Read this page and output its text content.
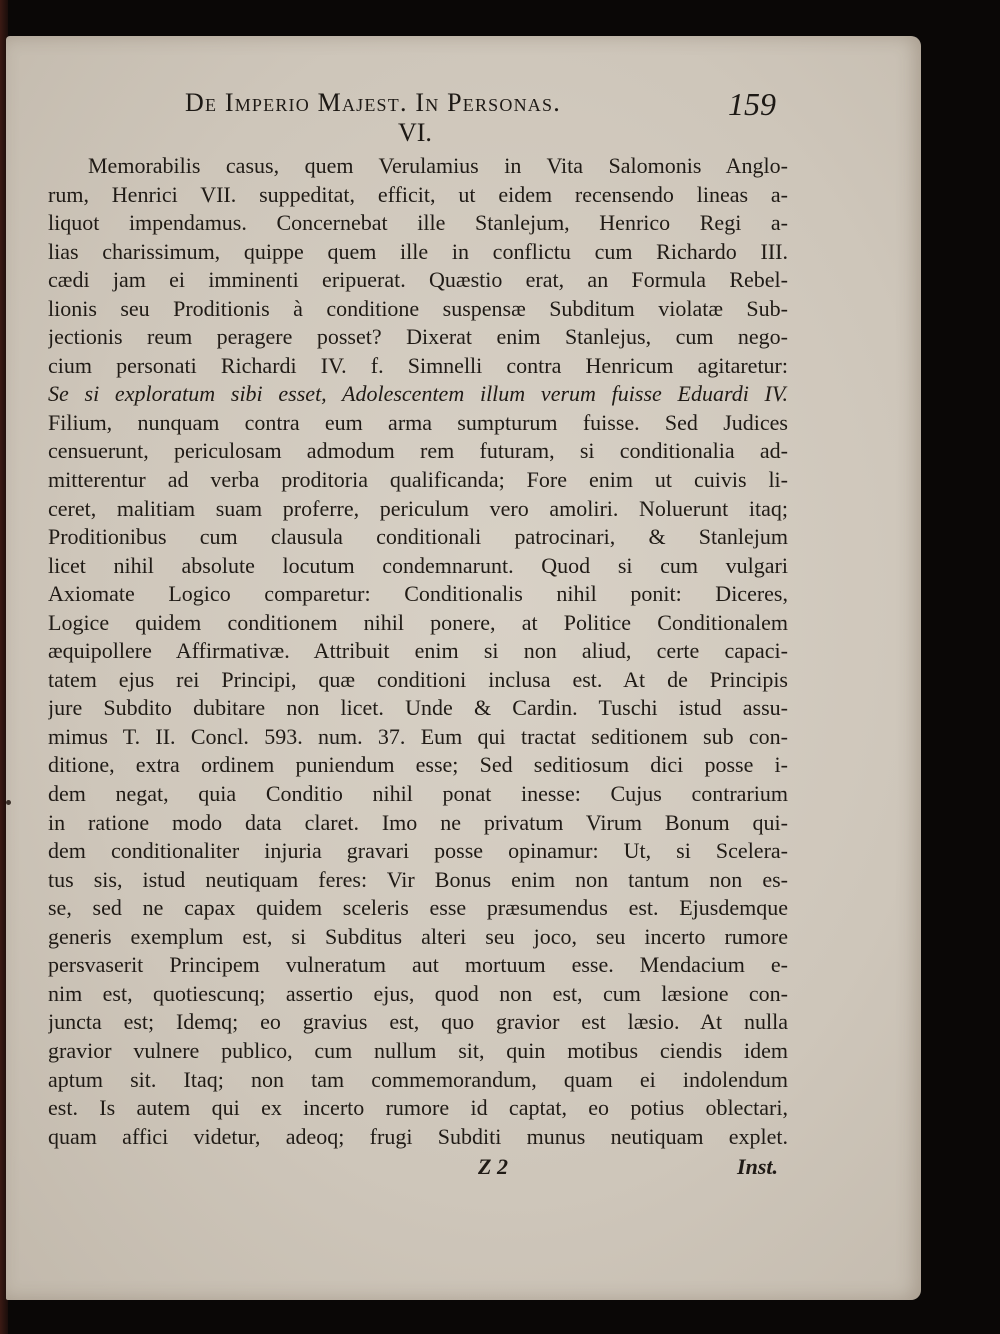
De Imperio Majest. In Personas.	159
VI.
Memorabilis casus, quem Verulamius in Vita Salomonis Anglo-
rum, Henrici VII. suppeditat, efficit, ut eidem recensendo lineas a-
liquot impendamus. Concernebat ille Stanlejum, Henrico Regi a-
lias charissimum, quippe quem ille in conflictu cum Richardo III.
cædi jam ei imminenti eripuerat. Quæstio erat, an Formula Rebel-
lionis seu Proditionis à conditione suspensæ Subditum violatæ Sub-
jectionis reum peragere posset? Dixerat enim Stanlejus, cum nego-
cium personati Richardi IV. f. Simnelli contra Henricum agitaretur:
Se si exploratum sibi esset, Adolescentem illum verum fuisse Eduardi IV.
Filium, nunquam contra eum arma sumpturum fuisse. Sed Judices
censuerunt, periculosam admodum rem futuram, si conditionalia ad-
mitterentur ad verba proditoria qualificanda; Fore enim ut cuivis li-
ceret, malitiam suam proferre, periculum vero amoliri. Noluerunt itaq;
Proditionibus cum clausula conditionali patrocinari, & Stanlejum
licet nihil absolute locutum condemnarunt. Quod si cum vulgari
Axiomate Logico comparetur: Conditionalis nihil ponit: Diceres,
Logice quidem conditionem nihil ponere, at Politice Conditionalem
æquipollere Affirmativæ. Attribuit enim si non aliud, certe capaci-
tatem ejus rei Principi, quæ conditioni inclusa est. At de Principis
jure Subdito dubitare non licet. Unde & Cardin. Tuschi istud assu-
mimus T. II. Concl. 593. num. 37. Eum qui tractat seditionem sub con-
ditione, extra ordinem puniendum esse; Sed seditiosum dici posse i-
dem negat, quia Conditio nihil ponat inesse: Cujus contrarium
in ratione modo data claret. Imo ne privatum Virum Bonum qui-
dem conditionaliter injuria gravari posse opinamur: Ut, si Scelera-
tus sis, istud neutiquam feres: Vir Bonus enim non tantum non es-
se, sed ne capax quidem sceleris esse præsumendus est. Ejusdemque
generis exemplum est, si Subditus alteri seu joco, seu incerto rumore
persvaserit Principem vulneratum aut mortuum esse. Mendacium e-
nim est, quotiescunq; assertio ejus, quod non est, cum læsione con-
juncta est; Idemq; eo gravius est, quo gravior est læsio. At nulla
gravior vulnere publico, cum nullum sit, quin motibus ciendis idem
aptum sit. Itaq; non tam commemorandum, quam ei indolendum
est. Is autem qui ex incerto rumore id captat, eo potius oblectari,
quam affici videtur, adeoq; frugi Subditi munus neutiquam explet.
Z 2	Inst.
